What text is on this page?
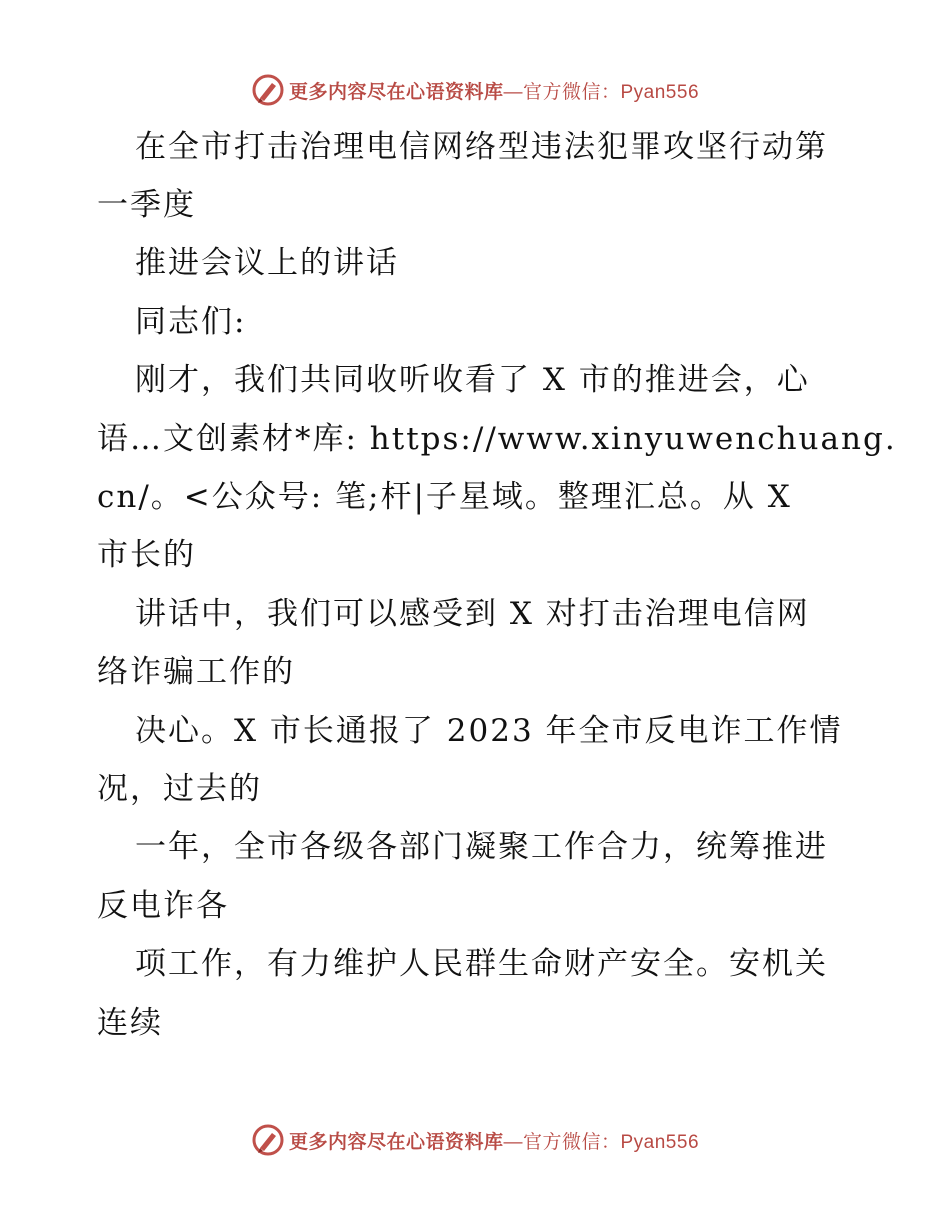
更多内容尽在心语资料库—官方微信：Pyan556

在全市打击治理电信网络型违法犯罪攻坚行动第

一季度

推进会议上的讲话

同志们:

刚才，我们共同收听收看了 X 市的推进会，心

语…文创素材*库: https://www.xinyuwenchuang.

cn/。<公众号: 笔;杆|子星域。整理汇总。从 X

市长的

讲话中，我们可以感受到 X 对打击治理电信网

络诈骗工作的

决心。X 市长通报了 2023 年全市反电诈工作情

况，过去的

一年，全市各级各部门凝聚工作合力，统筹推进

反电诈各

项工作，有力维护人民群生命财产安全。安机关

连续

更多内容尽在心语资料库—官方微信：Pyan556
